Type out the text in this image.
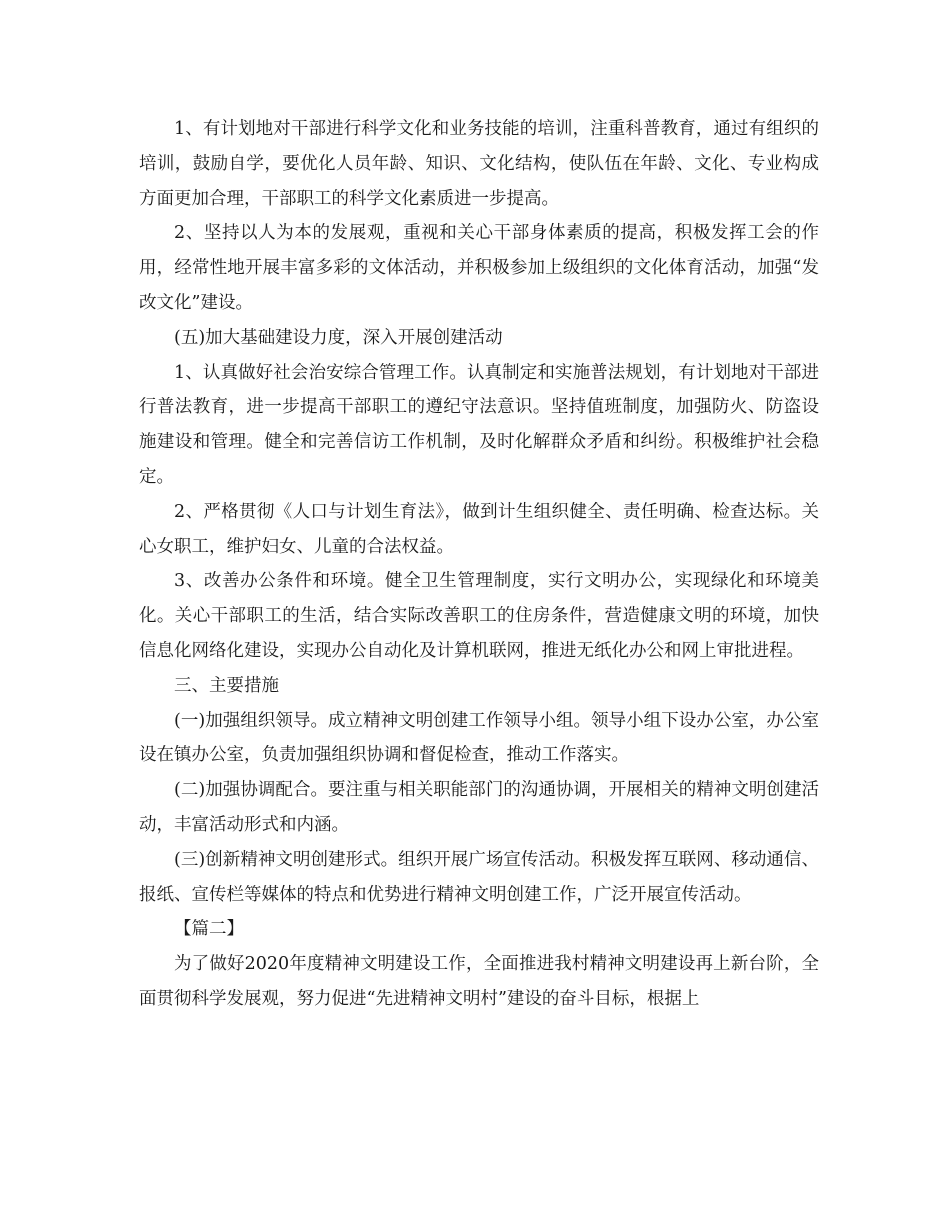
1、有计划地对干部进行科学文化和业务技能的培训，注重科普教育，通过有组织的培训，鼓励自学，要优化人员年龄、知识、文化结构，使队伍在年龄、文化、专业构成方面更加合理，干部职工的科学文化素质进一步提高。

2、坚持以人为本的发展观，重视和关心干部身体素质的提高，积极发挥工会的作用，经常性地开展丰富多彩的文体活动，并积极参加上级组织的文化体育活动，加强“发改文化”建设。

(五)加大基础建设力度，深入开展创建活动

1、认真做好社会治安综合管理工作。认真制定和实施普法规划，有计划地对干部进行普法教育，进一步提高干部职工的遵纪守法意识。坚持值班制度，加强防火、防盗设施建设和管理。健全和完善信访工作机制，及时化解群众矛盾和纠纷。积极维护社会稳定。

2、严格贯彻《人口与计划生育法》，做到计生组织健全、责任明确、检查达标。关心女职工，维护妇女、儿童的合法权益。

3、改善办公条件和环境。健全卫生管理制度，实行文明办公，实现绿化和环境美化。关心干部职工的生活，结合实际改善职工的住房条件，营造健康文明的环境，加快信息化网络化建设，实现办公自动化及计算机联网，推进无纸化办公和网上审批进程。

三、主要措施

(一)加强组织领导。成立精神文明创建工作领导小组。领导小组下设办公室，办公室设在镇办公室，负责加强组织协调和督促检查，推动工作落实。

(二)加强协调配合。要注重与相关职能部门的沟通协调，开展相关的精神文明创建活动，丰富活动形式和内涵。

(三)创新精神文明创建形式。组织开展广场宣传活动。积极发挥互联网、移动通信、报纸、宣传栏等媒体的特点和优势进行精神文明创建工作，广泛开展宣传活动。

【篇二】

为了做好2020年度精神文明建设工作，全面推进我村精神文明建设再上新台阶，全面贯彻科学发展观，努力促进“先进精神文明村”建设的奋斗目标，根据上
